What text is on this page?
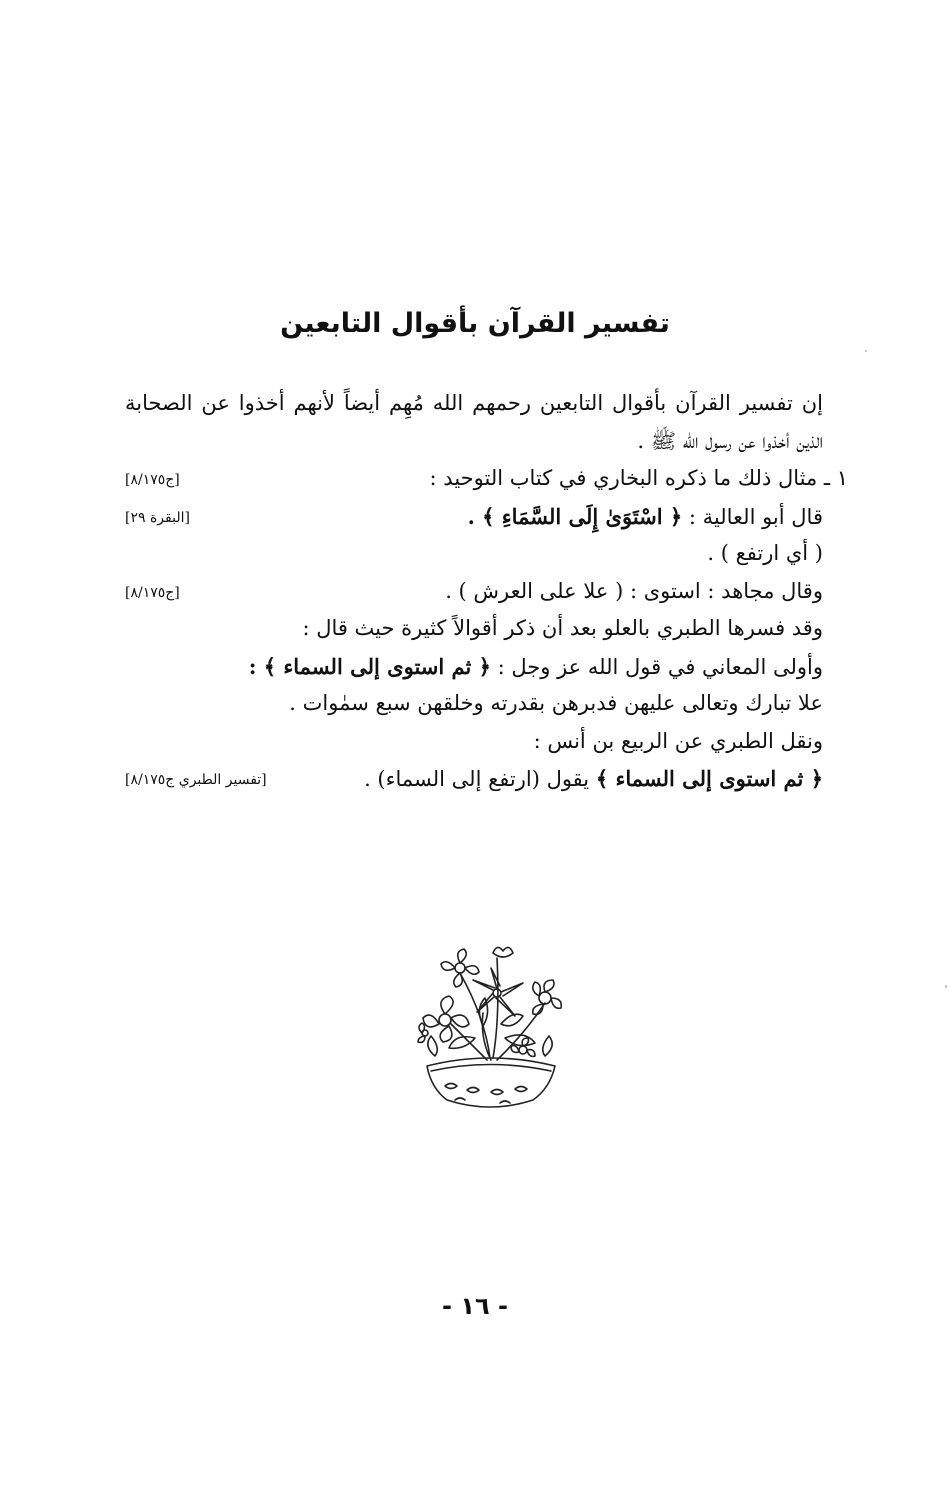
تفسير القرآن بأقوال التابعين
إن تفسير القرآن بأقوال التابعين رحمهم الله مُهِم أيضاً لأنهم أخذوا عن الصحابة
الذين أخذوا عن رسول الله ﷺ .
١ ـ مثال ذلك ما ذكره البخاري في كتاب التوحيد :
[ج٨/١٧٥]
قال أبو العالية : ﴿ اسْتَوَىٰ إِلَى السَّمَاءِ ﴾ .
[البقرة ٢٩]
( أي ارتفع ) .
وقال مجاهد : استوى : ( علا على العرش ) .
[ج٨/١٧٥]
وقد فسرها الطبري بالعلو بعد أن ذكر أقوالاً كثيرة حيث قال :
وأولى المعاني في قول الله عز وجل : ﴿ ثم استوى إلى السماء ﴾ :
علا تبارك وتعالى عليهن فدبرهن بقدرته وخلقهن سبع سمٰوات .
ونقل الطبري عن الربيع بن أنس :
﴿ ثم استوى إلى السماء ﴾ يقول (ارتفع إلى السماء) .
[تفسير الطبري ج٨/١٧٥]
- ١٦ -
